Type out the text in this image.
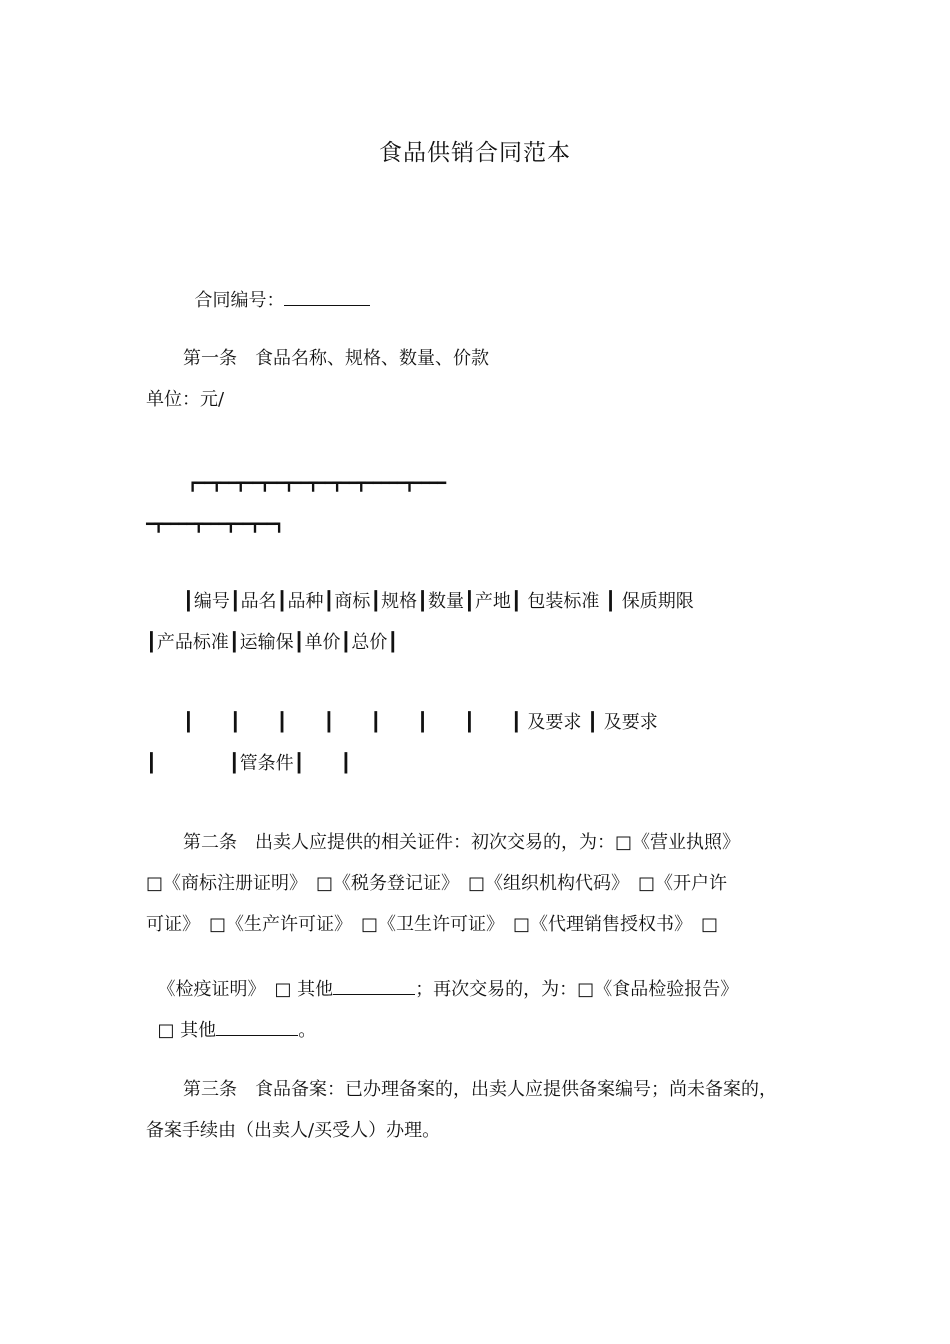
食品供销合同范本

合同编号：

第一条　食品名称、规格、数量、价款
单位：元/
┏━━┳━━┳━━┳━━┳━━┳━━┳━━┳━━━━━┳━━━━
━┳━━━━┳━━━┳━━┳━━┓
┃编号┃品名┃品种┃商标┃规格┃数量┃产地┃ 包装标准 ┃ 保质期限
┃产品标准┃运输保┃单价┃总价┃
┃　　┃　　┃　　┃　　┃　　┃　　┃　　┃ 及要求 ┃ 及要求
┃　　　　┃管条件┃　　┃
第二条　出卖人应提供的相关证件：初次交易的，为：□《营业执照》
□《商标注册证明》　□《税务登记证》　□《组织机构代码》　□《开户许
可证》　□《生产许可证》　□《卫生许可证》　□《代理销售授权书》　□

《检疫证明》　□ 其他	；再次交易的，为：□《食品检验报告》

□ 其他	。

第三条　食品备案：已办理备案的，出卖人应提供备案编号；尚未备案的，
备案手续由（出卖人/买受人）办理。
